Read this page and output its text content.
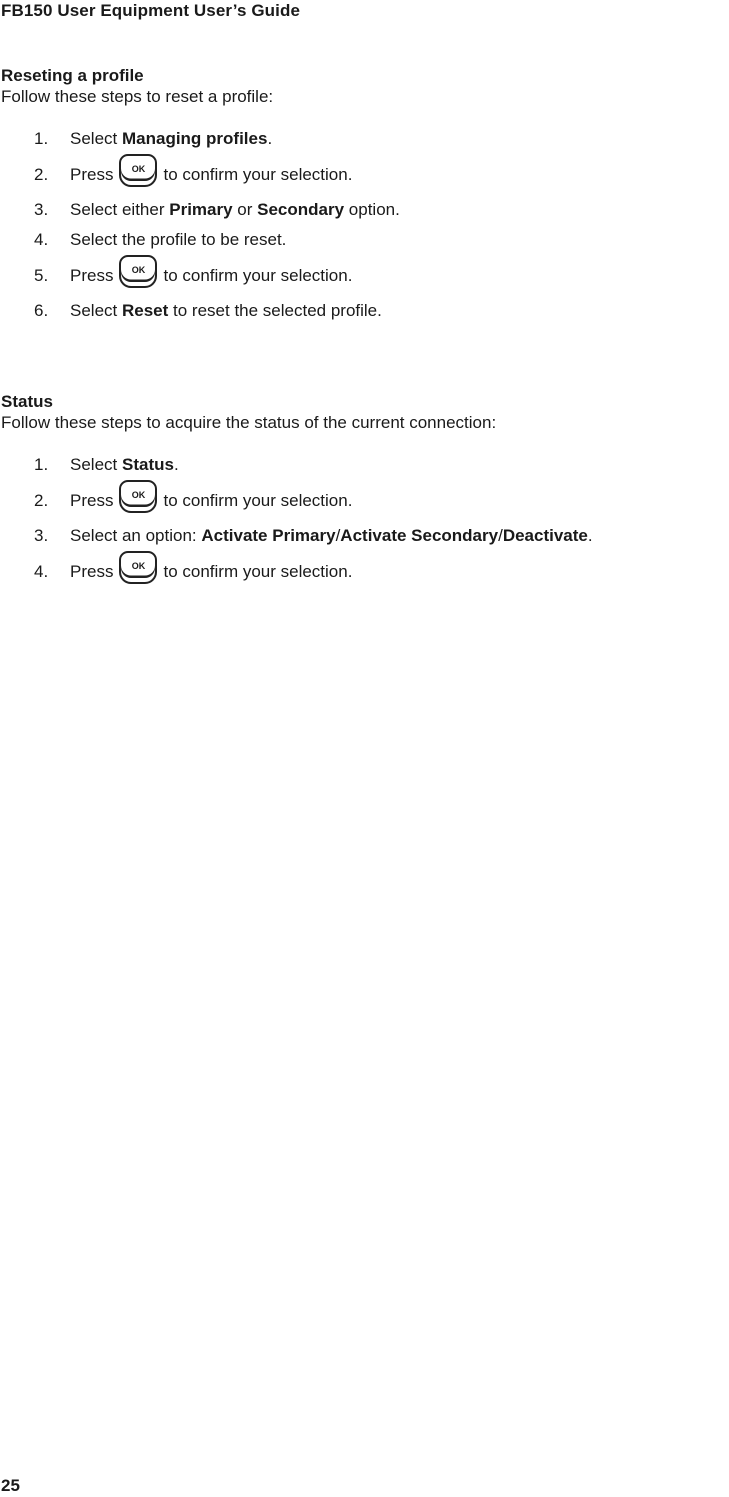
FB150 User Equipment User’s Guide
Reseting a profile
Follow these steps to reset a profile:
1. Select Managing profiles .
2. Press	OK	to confirm your selection.
3. Select either Primary or Secondary option.
4. Select the profile to be reset.
5. Press	OK	to confirm your selection.
6. Select Reset to reset the selected profile.
Status
Follow these steps to acquire the status of the current connection:
1. Select Status .
2. Press	OK	to confirm your selection.
3. Select an option: Activate Primary / Activate Secondary / Deactivate .
4. Press	OK	to confirm your selection.
25
